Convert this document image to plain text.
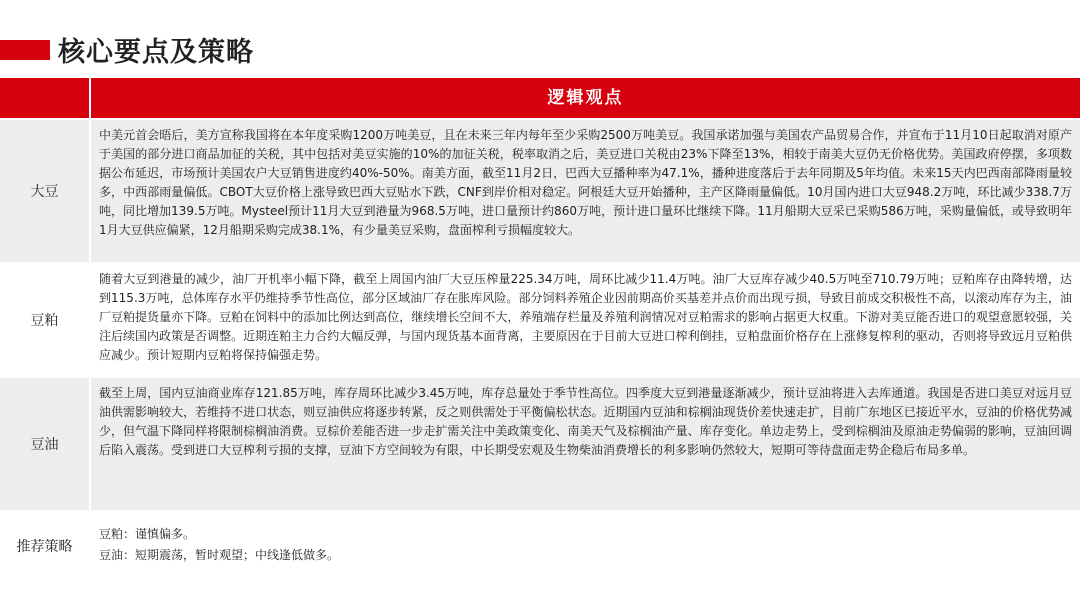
核心要点及策略
逻辑观点
大豆
中美元首会晤后，美方宣称我国将在本年度采购1200万吨美豆，且在未来三年内每年至少采购2500万吨美豆。我国承诺加强与美国农产品贸易合作，并宣布于11月10日起取消对原产于美国的部分进口商品加征的关税，其中包括对美豆实施的10%的加征关税，税率取消之后，美豆进口关税由23%下降至13%，相较于南美大豆仍无价格优势。美国政府停摆，多项数据公布延迟，市场预计美国农户大豆销售进度约40%-50%。南美方面，截至11月2日，巴西大豆播种率为47.1%，播种进度落后于去年同期及5年均值。未来15天内巴西南部降雨量较多，中西部雨量偏低。CBOT大豆价格上涨导致巴西大豆贴水下跌，CNF到岸价相对稳定。阿根廷大豆开始播种，主产区降雨量偏低。10月国内进口大豆948.2万吨，环比减少338.7万吨，同比增加139.5万吨。Mysteel预计11月大豆到港量为968.5万吨，进口量预计约860万吨，预计进口量环比继续下降。11月船期大豆采已采购586万吨，采购量偏低，或导致明年1月大豆供应偏紧，12月船期采购完成38.1%，有少量美豆采购，盘面榨利亏损幅度较大。
豆粕
随着大豆到港量的减少，油厂开机率小幅下降，截至上周国内油厂大豆压榨量225.34万吨，周环比减少11.4万吨。油厂大豆库存减少40.5万吨至710.79万吨；豆粕库存由降转增，达到115.3万吨，总体库存水平仍维持季节性高位，部分区域油厂存在胀库风险。部分饲料养殖企业因前期高价买基差并点价而出现亏损，导致目前成交积极性不高，以滚动库存为主，油厂豆粕提货量亦下降。豆粕在饲料中的添加比例达到高位，继续增长空间不大，养殖端存栏量及养殖利润情况对豆粕需求的影响占据更大权重。下游对美豆能否进口的观望意愿较强，关注后续国内政策是否调整。近期连粕主力合约大幅反弹，与国内现货基本面背离，主要原因在于目前大豆进口榨利倒挂，豆粕盘面价格存在上涨修复榨利的驱动，否则将导致远月豆粕供应减少。预计短期内豆粕将保持偏强走势。
豆油
截至上周，国内豆油商业库存121.85万吨，库存周环比减少3.45万吨，库存总量处于季节性高位。四季度大豆到港量逐渐减少，预计豆油将进入去库通道。我国是否进口美豆对远月豆油供需影响较大，若维持不进口状态，则豆油供应将逐步转紧，反之则供需处于平衡偏松状态。近期国内豆油和棕榈油现货价差快速走扩，目前广东地区已接近平水，豆油的价格优势减少，但气温下降同样将限制棕榈油消费。豆棕价差能否进一步走扩需关注中美政策变化、南美天气及棕榈油产量、库存变化。单边走势上，受到棕榈油及原油走势偏弱的影响，豆油回调后陷入震荡。受到进口大豆榨利亏损的支撑，豆油下方空间较为有限，中长期受宏观及生物柴油消费增长的利多影响仍然较大，短期可等待盘面走势企稳后布局多单。
推荐策略
豆粕：谨慎偏多。
豆油：短期震荡，暂时观望；中线逢低做多。
